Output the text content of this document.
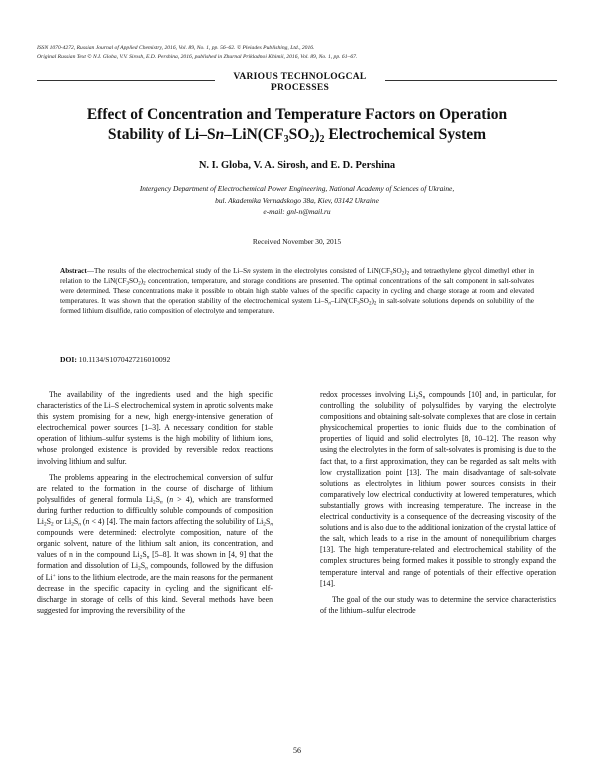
ISSN 1070-4272, Russian Journal of Applied Chemistry, 2016, Vol. 89, No. 1, pp. 56–62. © Pleiades Publishing, Ltd., 2016.
Original Russian Text © N.I. Globa, V.V. Sirosh, E.D. Pershina, 2016, published in Zhurnal Prikladnoi Khimii, 2016, Vol. 89, No. 1, pp. 61–67.
VARIOUS TECHNOLOGCAL
PROCESSES
Effect of Concentration and Temperature Factors on Operation
Stability of $Li-Sn-LiN(CF_3SO_2)_2$ Electrochemical System
N. I. Globa, V. A. Sirosh, and E. D. Pershina
Intergency Department of Electrochemical Power Engineering, National Academy of Sciences of Ukraine,
bul. Akademika Vernadskogo 38a, Kiev, 03142 Ukraine
e-mail: gnl-n@mail.ru
Received November 30, 2015
Abstract—The results of the electrochemical study of the Li–Sn system in the electrolytes consisted of $LiN(CF_3SO_2)_2$ and tetraethylene glycol dimethyl ether in relation to the $LiN(CF_3SO_2)_2$ concentration, temperature, and storage conditions are presented. The optimal concentrations of the salt component in salt-solvates were determined. These concentrations make it possible to obtain high stable values of the specific capacity in cycling and charge storage at room and elevated temperatures. It was shown that the operation stability of the electrochemical system $Li-S_n-LiN(CF_3SO_2)_2$ in salt-solvate solutions depends on solubility of the formed lithium disulfide, ratio composition of electrolyte and temperature.
DOI: 10.1134/S1070427216010092

The availability of the ingredients used and the high specific characteristics of the Li–S electrochemical system in aprotic solvents make this system promising for a new, high energy-intensive generation of electrochemical power sources [1–3]. A necessary condition for stable operation of lithium–sulfur systems is the high mobility of lithium ions, whose prolonged existence is provided by reversible redox reactions involving lithium and sulfur.

The problems appearing in the electrochemical conversion of sulfur are related to the formation in the course of discharge of lithium polysulfides of general formula $Li_2S_n$ (n > 4), which are transformed during further reduction to difficultly soluble compounds of composition $Li_2S_2$ or $Li_2S_n$ (n < 4) [4]. The main factors affecting the solubility of $Li_2S_n$ compounds were determined: electrolyte composition, nature of the organic solvent, nature of the lithium salt anion, its concentration, and values of n in the compound $Li_2S_n$ [5–8]. It was shown in [4, 9] that the formation and dissolution of $Li_2S_n$ compounds, followed by the diffusion of Li+ ions to the lithium electrode, are the main reasons for the permanent decrease in the specific capacity in cycling and the significant elf-discharge in storage of cells of this kind. Several methods have been suggested for improving the reversibility of the

redox processes involving $Li_2S_n$ compounds [10] and, in particular, for controlling the solubility of polysulfides by varying the electrolyte compositions and obtaining salt-solvate complexes that are close in certain physicochemical properties to ionic fluids due to the combination of properties of liquid and solid electrolytes [8, 10–12]. The reason why using the electrolytes in the form of salt-solvates is promising is due to the fact that, to a first approximation, they can be regarded as salt melts with low crystallization point [13]. The main disadvantage of salt-solvate solutions as electrolytes in lithium power sources consists in their comparatively low electrical conductivity at lowered temperatures, which substantially grows with increasing temperature. The increase in the electrical conductivity is a consequence of the decreasing viscosity of the solutions and is also due to the additional ionization of the crystal lattice of the salt, which leads to a rise in the amount of nonequilibrium charges [13]. The high temperature-related and electrochemical stability of the complex structures being formed makes it possible to strongly expand the temperature interval and range of potentials of their effective operation [14].

The goal of the our study was to determine the service characteristics of the lithium–sulfur electrode

56
